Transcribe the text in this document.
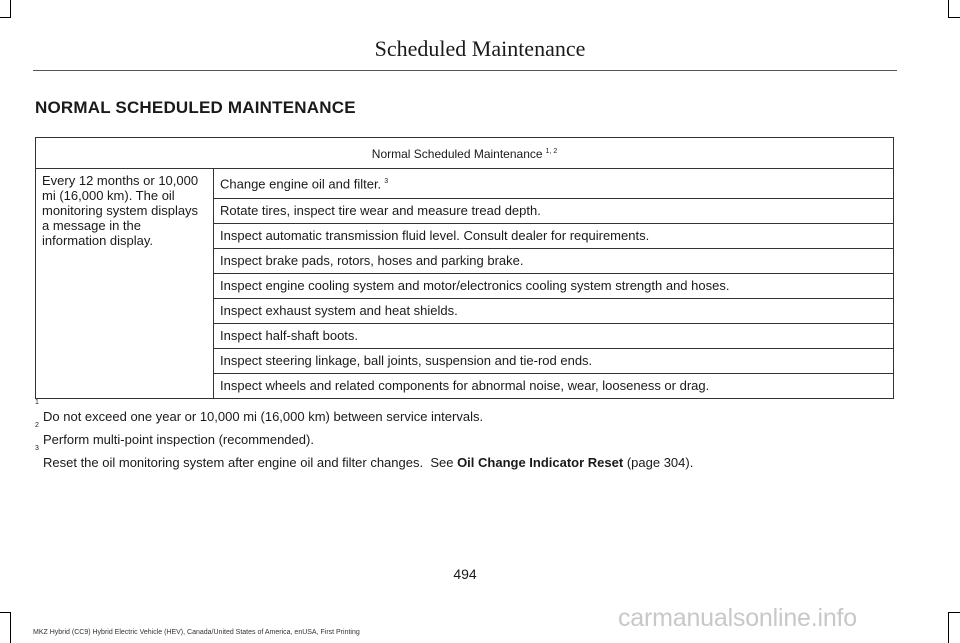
Scheduled Maintenance
NORMAL SCHEDULED MAINTENANCE
Normal Scheduled Maintenance $^{1, 2}$
Every 12 months or 10,000 mi (16,000 km). The oil monitoring system displays a message in the information display.	Change engine oil and filter. $^3$
Rotate tires, inspect tire wear and measure tread depth.
Inspect automatic transmission fluid level. Consult dealer for requirements.
Inspect brake pads, rotors, hoses and parking brake.
Inspect engine cooling system and motor/electronics cooling system strength and hoses.
Inspect exhaust system and heat shields.
Inspect half-shaft boots.
Inspect steering linkage, ball joints, suspension and tie-rod ends.
Inspect wheels and related components for abnormal noise, wear, looseness or drag.
1
Do not exceed one year or 10,000 mi (16,000 km) between service intervals.
2
Perform multi-point inspection (recommended).
3
Reset the oil monitoring system after engine oil and filter changes.  See Oil Change Indicator Reset (page 304).
494
MKZ Hybrid (CC9) Hybrid Electric Vehicle (HEV), Canada/United States of America, enUSA, First Printing
carmanualsonline.info
